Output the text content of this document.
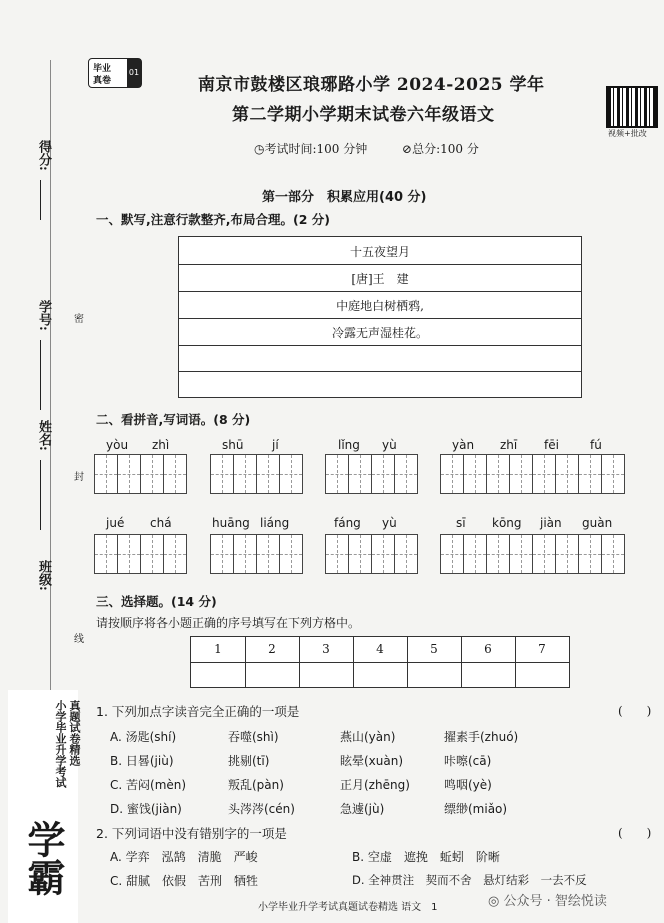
得分:
学号:
姓名:
班级:
密
封
线
毕业
真卷
01
南京市鼓楼区琅琊路小学 2024-2025 学年
第二学期小学期末试卷六年级语文
视频+批改
◷考试时间:100 分钟	⊘总分:100 分
第一部分　积累应用(40 分)
一、默写,注意行款整齐,布局合理。(2 分)
十五夜望月
[唐]王　建
中庭地白树栖鸦,
冷露无声湿桂花。
二、看拼音,写词语。(8 分)
yòu zhì	shū jí	lǐng yù	yàn zhī fēi	fú
jué chá	huāng liáng	fáng yù	sī kōng jiàn guàn
三、选择题。(14 分)
请按顺序将各小题正确的序号填写在下列方格中。
1	2	3	4	5	6	7
1. 下列加点字读音完全正确的一项是	(　　)
A. 汤匙(shí)	吞噬(shì)	燕山(yàn)	擢素手(zhuó)
B. 日晷(jiù)	挑剔(tī)	眩晕(xuàn)	咔嚓(cā)
C. 苦闷(mèn)	叛乱(pàn)	正月(zhēng)	鸣咽(yè)
D. 蜜饯(jiàn)	头涔涔(cén)	急遽(jù)	缥缈(miǎo)
2. 下列词语中没有错别字的一项是	(　　)
A. 学弈　泓鹄　清脆　严峻	B. 空虚　遮挽　蚯蚓　阶晰
C. 甜腻　依假　苦刑　牺牲	D. 全神贯注　契而不舍　悬灯结彩　一去不反
小学毕业升学考试真题试卷精选 语文　1	◎ 公众号 · 智绘悦读
学霸
小学毕业升学考试 真题试卷精选
